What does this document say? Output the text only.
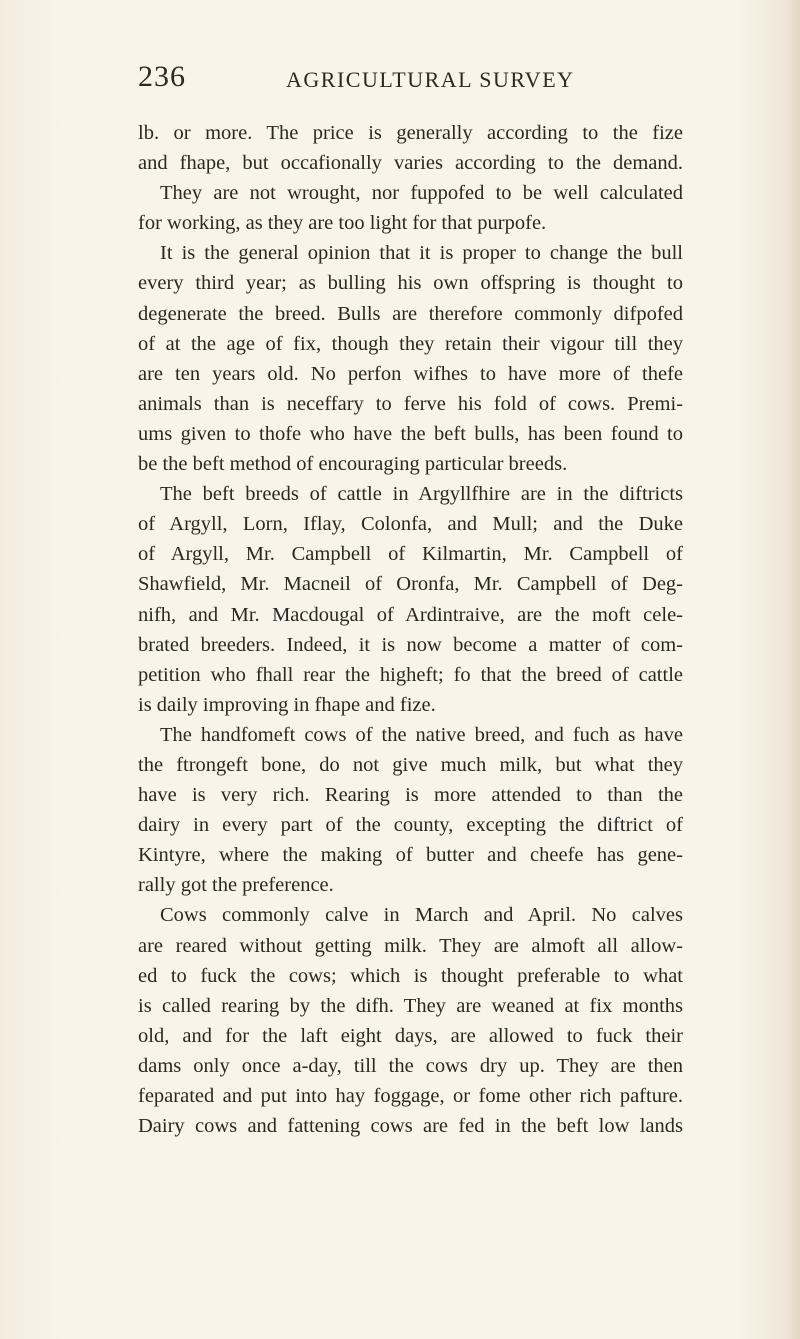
236	AGRICULTURAL SURVEY
lb. or more. The price is generally according to the fize
and fhape, but occafionally varies according to the demand.
They are not wrought, nor fuppofed to be well calculated
for working, as they are too light for that purpofe.
It is the general opinion that it is proper to change the bull
every third year; as bulling his own offspring is thought to
degenerate the breed. Bulls are therefore commonly difpofed
of at the age of fix, though they retain their vigour till they
are ten years old. No perfon wifhes to have more of thefe
animals than is neceffary to ferve his fold of cows. Premi-
ums given to thofe who have the beft bulls, has been found to
be the beft method of encouraging particular breeds.
The beft breeds of cattle in Argyllfhire are in the diftricts
of Argyll, Lorn, Iflay, Colonfa, and Mull; and the Duke
of Argyll, Mr. Campbell of Kilmartin, Mr. Campbell of
Shawfield, Mr. Macneil of Oronfa, Mr. Campbell of Deg-
nifh, and Mr. Macdougal of Ardintraive, are the moft cele-
brated breeders. Indeed, it is now become a matter of com-
petition who fhall rear the higheft; fo that the breed of cattle
is daily improving in fhape and fize.
The handfomeft cows of the native breed, and fuch as have
the ftrongeft bone, do not give much milk, but what they
have is very rich. Rearing is more attended to than the
dairy in every part of the county, excepting the diftrict of
Kintyre, where the making of butter and cheefe has gene-
rally got the preference.
Cows commonly calve in March and April. No calves
are reared without getting milk. They are almoft all allow-
ed to fuck the cows; which is thought preferable to what
is called rearing by the difh. They are weaned at fix months
old, and for the laft eight days, are allowed to fuck their
dams only once a-day, till the cows dry up. They are then
feparated and put into hay foggage, or fome other rich pafture.
Dairy cows and fattening cows are fed in the beft low lands
